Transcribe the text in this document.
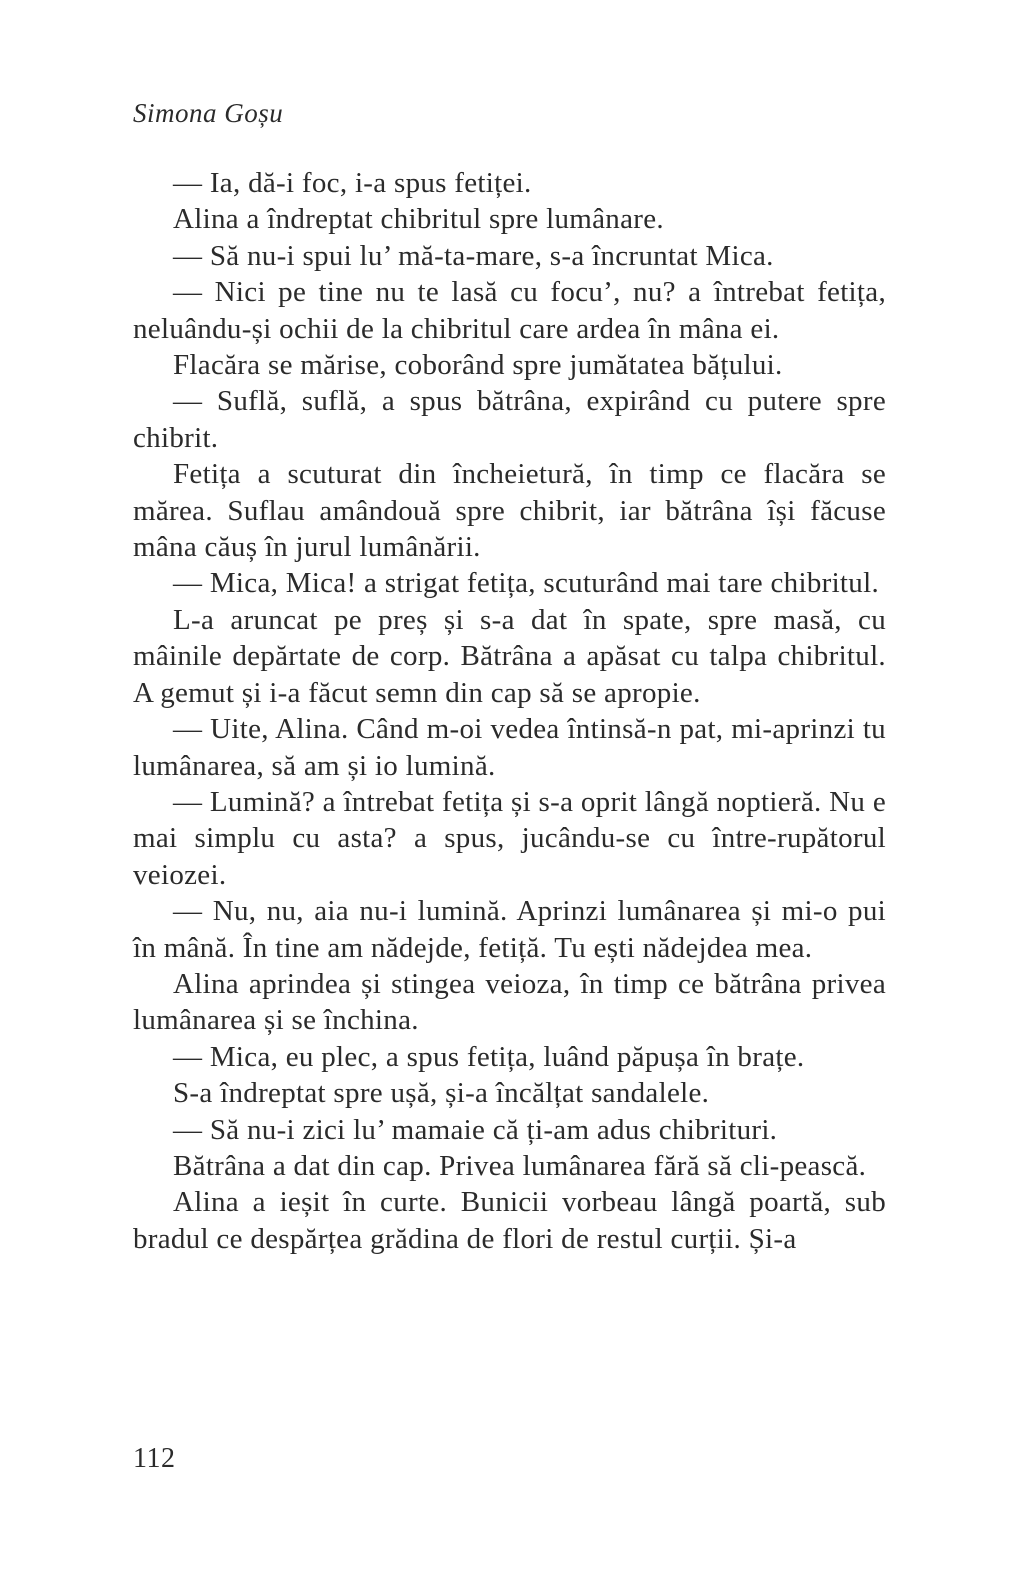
Simona Goșu

— Ia, dă-i foc, i-a spus fetiței.

Alina a îndreptat chibritul spre lumânare.

— Să nu-i spui lu’ mă-ta-mare, s-a încruntat Mica.

— Nici pe tine nu te lasă cu focu’, nu? a întrebat fetița, neluându-și ochii de la chibritul care ardea în mâna ei.

Flacăra se mărise, coborând spre jumătatea bățului.

— Suflă, suflă, a spus bătrâna, expirând cu putere spre chibrit.

Fetița a scuturat din încheietură, în timp ce flacăra se mărea. Suflau amândouă spre chibrit, iar bătrâna își făcuse mâna căuș în jurul lumânării.

— Mica, Mica! a strigat fetița, scuturând mai tare chibritul.

L-a aruncat pe preș și s-a dat în spate, spre masă, cu mâinile depărtate de corp. Bătrâna a apăsat cu talpa chibritul. A gemut și i-a făcut semn din cap să se apropie.

— Uite, Alina. Când m-oi vedea întinsă-n pat, mi-aprinzi tu lumânarea, să am și io lumină.

— Lumină? a întrebat fetița și s-a oprit lângă noptieră. Nu e mai simplu cu asta? a spus, jucându-se cu între-rupătorul veiozei.

— Nu, nu, aia nu-i lumină. Aprinzi lumânarea și mi-o pui în mână. În tine am nădejde, fetiță. Tu ești nădejdea mea.

Alina aprindea și stingea veioza, în timp ce bătrâna privea lumânarea și se închina.

— Mica, eu plec, a spus fetița, luând păpușa în brațe.

S-a îndreptat spre ușă, și-a încălțat sandalele.

— Să nu-i zici lu’ mamaie că ți-am adus chibrituri.

Bătrâna a dat din cap. Privea lumânarea fără să cli-pească.

Alina a ieșit în curte. Bunicii vorbeau lângă poartă, sub bradul ce despărțea grădina de flori de restul curții. Și-a

112
